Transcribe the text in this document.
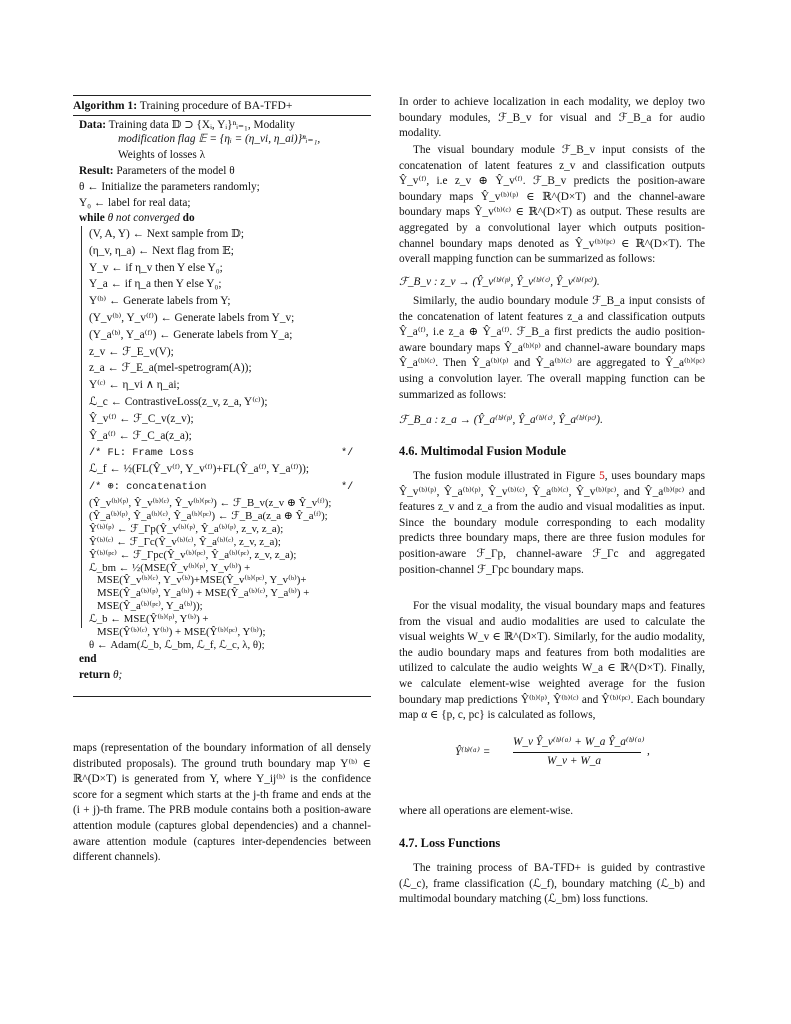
Algorithm 1: Training procedure of BA-TFD+
Data: Training data 𝔻 ⊃ {Xᵢ, Yᵢ}ⁿᵢ₌₁, Modality
modification flag 𝔼 = {ηᵢ = (η_vi, η_ai)}ⁿᵢ₌₁,
Weights of losses λ
Result: Parameters of the model θ
θ ← Initialize the parameters randomly;
Y₀ ← label for real data;
while θ not converged do
(V, A, Y) ← Next sample from 𝔻;
(η_v, η_a) ← Next flag from 𝔼;
Y_v ← if η_v then Y else Y₀;
Y_a ← if η_a then Y else Y₀;
Y⁽ᵇ⁾ ← Generate labels from Y;
(Y_v⁽ᵇ⁾, Y_v⁽ᶠ⁾) ← Generate labels from Y_v;
(Y_a⁽ᵇ⁾, Y_a⁽ᶠ⁾) ← Generate labels from Y_a;
z_v ← ℱ_E_v(V);
z_a ← ℱ_E_a(mel-spetrogram(A));
Y⁽ᶜ⁾ ← η_vi ∧ η_ai;
ℒ_c ← ContrastiveLoss(z_v, z_a, Y⁽ᶜ⁾);
Ŷ_v⁽ᶠ⁾ ← ℱ_C_v(z_v);
Ŷ_a⁽ᶠ⁾ ← ℱ_C_a(z_a);
/* FL: Frame Loss	*/
ℒ_f ← ½(FL(Ŷ_v⁽ᶠ⁾, Y_v⁽ᶠ⁾)+FL(Ŷ_a⁽ᶠ⁾, Y_a⁽ᶠ⁾));
/* ⊕: concatenation	*/
(Ŷ_v⁽ᵇ⁾⁽ᵖ⁾, Ŷ_v⁽ᵇ⁾⁽ᶜ⁾, Ŷ_v⁽ᵇ⁾⁽ᵖᶜ⁾) ← ℱ_B_v(z_v ⊕ Ŷ_v⁽ᶠ⁾);
(Ŷ_a⁽ᵇ⁾⁽ᵖ⁾, Ŷ_a⁽ᵇ⁾⁽ᶜ⁾, Ŷ_a⁽ᵇ⁾⁽ᵖᶜ⁾) ← ℱ_B_a(z_a ⊕ Ŷ_a⁽ᶠ⁾);
Ŷ⁽ᵇ⁾⁽ᵖ⁾ ← ℱ_Γp(Ŷ_v⁽ᵇ⁾⁽ᵖ⁾, Ŷ_a⁽ᵇ⁾⁽ᵖ⁾, z_v, z_a);
Ŷ⁽ᵇ⁾⁽ᶜ⁾ ← ℱ_Γc(Ŷ_v⁽ᵇ⁾⁽ᶜ⁾, Ŷ_a⁽ᵇ⁾⁽ᶜ⁾, z_v, z_a);
Ŷ⁽ᵇ⁾⁽ᵖᶜ⁾ ← ℱ_Γpc(Ŷ_v⁽ᵇ⁾⁽ᵖᶜ⁾, Ŷ_a⁽ᵇ⁾⁽ᵖᶜ⁾, z_v, z_a);
ℒ_bm ← ½(MSE(Ŷ_v⁽ᵇ⁾⁽ᵖ⁾, Y_v⁽ᵇ⁾) +
MSE(Ŷ_v⁽ᵇ⁾⁽ᶜ⁾, Y_v⁽ᵇ⁾)+MSE(Ŷ_v⁽ᵇ⁾⁽ᵖᶜ⁾, Y_v⁽ᵇ⁾)+
MSE(Ŷ_a⁽ᵇ⁾⁽ᵖ⁾, Y_a⁽ᵇ⁾) + MSE(Ŷ_a⁽ᵇ⁾⁽ᶜ⁾, Y_a⁽ᵇ⁾) +
MSE(Ŷ_a⁽ᵇ⁾⁽ᵖᶜ⁾, Y_a⁽ᵇ⁾));
ℒ_b ← MSE(Ŷ⁽ᵇ⁾⁽ᵖ⁾, Y⁽ᵇ⁾) +
MSE(Ŷ⁽ᵇ⁾⁽ᶜ⁾, Y⁽ᵇ⁾) + MSE(Ŷ⁽ᵇ⁾⁽ᵖᶜ⁾, Y⁽ᵇ⁾);
θ ← Adam(ℒ_b, ℒ_bm, ℒ_f, ℒ_c, λ, θ);
end
return θ;
maps (representation of the boundary information of all densely distributed proposals). The ground truth boundary map Y⁽ᵇ⁾ ∈ ℝ^(D×T) is generated from Y, where Y_ij⁽ᵇ⁾ is the confidence score for a segment which starts at the j-th frame and ends at the (i + j)-th frame. The PRB module contains both a position-aware attention module (captures global dependencies) and a channel-aware attention module (captures inter-dependencies between different channels).
In order to achieve localization in each modality, we deploy two boundary modules, ℱ_B_v for visual and ℱ_B_a for audio modality.
The visual boundary module ℱ_B_v input consists of the concatenation of latent features z_v and classification outputs Ŷ_v⁽ᶠ⁾, i.e z_v ⊕ Ŷ_v⁽ᶠ⁾. ℱ_B_v predicts the position-aware boundary maps Ŷ_v⁽ᵇ⁾⁽ᵖ⁾ ∈ ℝ^(D×T) and the channel-aware boundary maps Ŷ_v⁽ᵇ⁾⁽ᶜ⁾ ∈ ℝ^(D×T) as output. These results are aggregated by a convolutional layer which outputs position-channel boundary maps denoted as Ŷ_v⁽ᵇ⁾⁽ᵖᶜ⁾ ∈ ℝ^(D×T). The overall mapping function can be summarized as follows:
ℱ_B_v : z_v → (Ŷ_v⁽ᵇ⁾⁽ᵖ⁾, Ŷ_v⁽ᵇ⁾⁽ᶜ⁾, Ŷ_v⁽ᵇ⁾⁽ᵖᶜ⁾).
Similarly, the audio boundary module ℱ_B_a input consists of the concatenation of latent features z_a and classification outputs Ŷ_a⁽ᶠ⁾, i.e z_a ⊕ Ŷ_a⁽ᶠ⁾. ℱ_B_a first predicts the audio position-aware boundary maps Ŷ_a⁽ᵇ⁾⁽ᵖ⁾ and channel-aware boundary maps Ŷ_a⁽ᵇ⁾⁽ᶜ⁾. Then Ŷ_a⁽ᵇ⁾⁽ᵖ⁾ and Ŷ_a⁽ᵇ⁾⁽ᶜ⁾ are aggregated to Ŷ_a⁽ᵇ⁾⁽ᵖᶜ⁾ using a convolution layer. The overall mapping function can be summarized as follows:
ℱ_B_a : z_a → (Ŷ_a⁽ᵇ⁾⁽ᵖ⁾, Ŷ_a⁽ᵇ⁾⁽ᶜ⁾, Ŷ_a⁽ᵇ⁾⁽ᵖᶜ⁾).
4.6. Multimodal Fusion Module
The fusion module illustrated in Figure 5, uses boundary maps Ŷ_v⁽ᵇ⁾⁽ᵖ⁾, Ŷ_a⁽ᵇ⁾⁽ᵖ⁾, Ŷ_v⁽ᵇ⁾⁽ᶜ⁾, Ŷ_a⁽ᵇ⁾⁽ᶜ⁾, Ŷ_v⁽ᵇ⁾⁽ᵖᶜ⁾, and Ŷ_a⁽ᵇ⁾⁽ᵖᶜ⁾ and features z_v and z_a from the audio and visual modalities as input. Since the boundary module corresponding to each modality predicts three boundary maps, there are three fusion modules for position-aware ℱ_Γp, channel-aware ℱ_Γc and aggregated position-channel ℱ_Γpc boundary maps.
For the visual modality, the visual boundary maps and features from the visual and audio modalities are used to calculate the visual weights W_v ∈ ℝ^(D×T). Similarly, for the audio modality, the audio boundary maps and features from both modalities are utilized to calculate the audio weights W_a ∈ ℝ^(D×T). Finally, we calculate element-wise weighted average for the fusion boundary map predictions Ŷ⁽ᵇ⁾⁽ᵖ⁾, Ŷ⁽ᵇ⁾⁽ᶜ⁾ and Ŷ⁽ᵇ⁾⁽ᵖᶜ⁾. Each boundary map α ∈ {p, c, pc} is calculated as follows,
Ŷ⁽ᵇ⁾⁽ᵅ⁾ =
W_v Ŷ_v⁽ᵇ⁾⁽ᵅ⁾ + W_a Ŷ_a⁽ᵇ⁾⁽ᵅ⁾
W_v + W_a
,
where all operations are element-wise.
4.7. Loss Functions
The training process of BA-TFD+ is guided by contrastive (ℒ_c), frame classification (ℒ_f), boundary matching (ℒ_b) and multimodal boundary matching (ℒ_bm) loss functions.
